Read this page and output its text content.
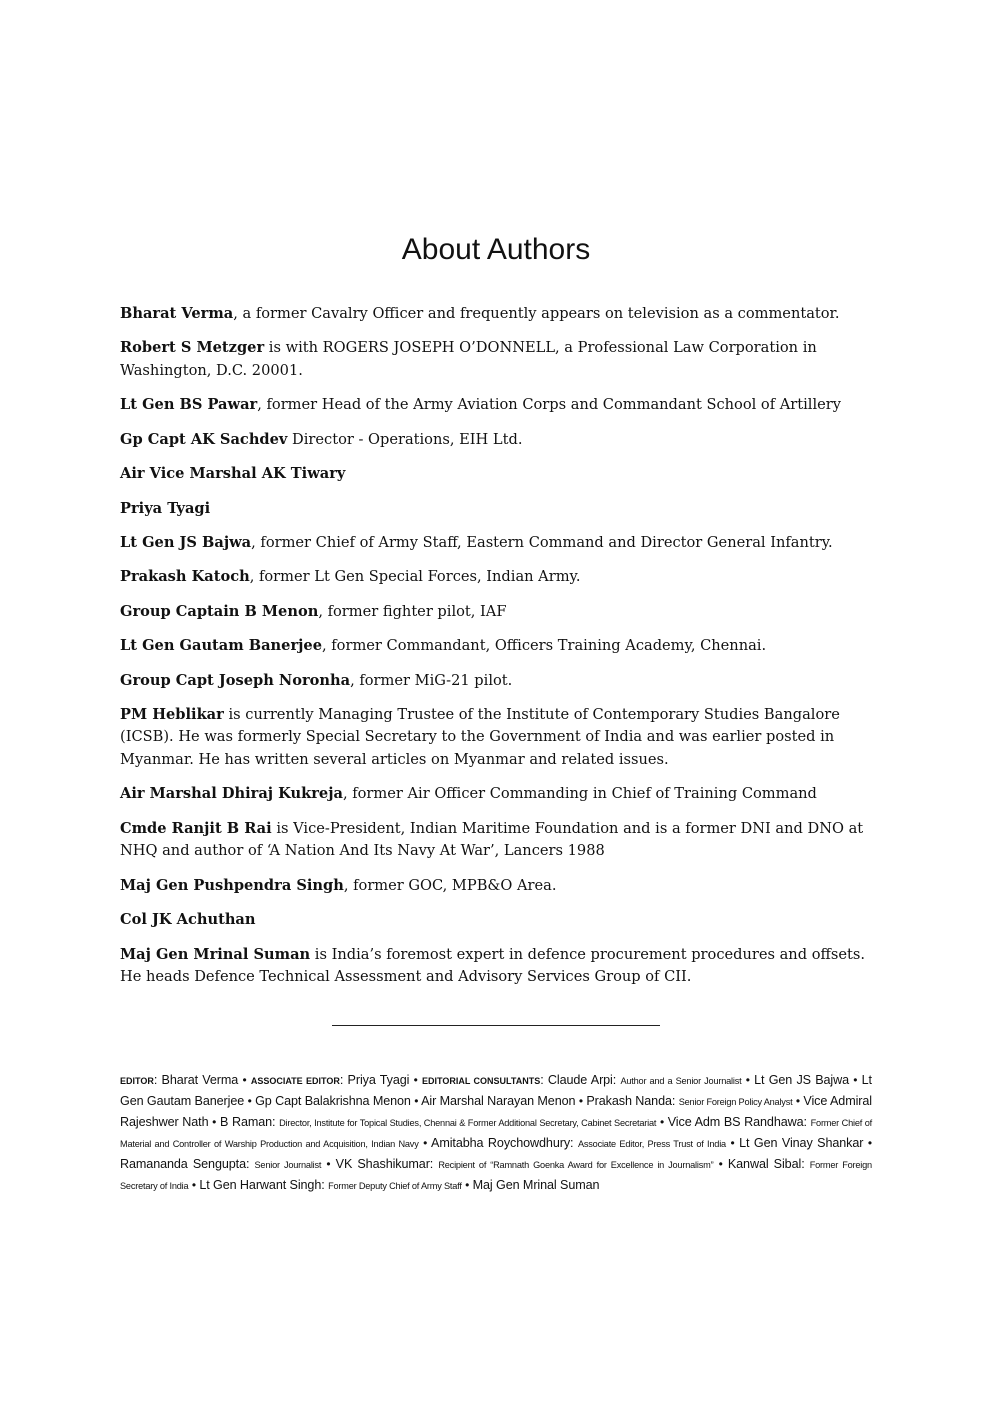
About Authors

Bharat Verma, a former Cavalry Officer and frequently appears on television as a commentator.

Robert S Metzger is with ROGERS JOSEPH O’DONNELL, a Professional Law Corporation in Washington, D.C. 20001.

Lt Gen BS Pawar, former Head of the Army Aviation Corps and Commandant School of Artillery

Gp Capt AK Sachdev Director - Operations, EIH Ltd.

Air Vice Marshal AK Tiwary

Priya Tyagi

Lt Gen JS Bajwa, former Chief of Army Staff, Eastern Command and Director General Infantry.

Prakash Katoch, former Lt Gen Special Forces, Indian Army.

Group Captain B Menon, former fighter pilot, IAF

Lt Gen Gautam Banerjee, former Commandant, Officers Training Academy, Chennai.

Group Capt Joseph Noronha, former MiG-21 pilot.

PM Heblikar is currently Managing Trustee of the Institute of Contemporary Studies Bangalore (ICSB). He was formerly Special Secretary to the Government of India and was earlier posted in Myanmar. He has written several articles on Myanmar and related issues.

Air Marshal Dhiraj Kukreja, former Air Officer Commanding in Chief of Training Command

Cmde Ranjit B Rai is Vice-President, Indian Maritime Foundation and is a former DNI and DNO at NHQ and author of ‘A Nation And Its Navy At War’, Lancers 1988

Maj Gen Pushpendra Singh, former GOC, MPB&O Area.

Col JK Achuthan

Maj Gen Mrinal Suman is India’s foremost expert in defence procurement procedures and offsets. He heads Defence Technical Assessment and Advisory Services Group of CII.

EDITOR: Bharat Verma • ASSOCIATE EDITOR: Priya Tyagi • EDITORIAL CONSULTANTS: Claude Arpi: Author and a Senior Journalist • Lt Gen JS Bajwa • Lt Gen Gautam Banerjee • Gp Capt Balakrishna Menon • Air Marshal Narayan Menon • Prakash Nanda: Senior Foreign Policy Analyst • Vice Admiral Rajeshwer Nath • B Raman: Director, Institute for Topical Studies, Chennai & Former Additional Secretary, Cabinet Secretariat • Vice Adm BS Randhawa: Former Chief of Material and Controller of Warship Production and Acquisition, Indian Navy • Amitabha Roychowdhury: Associate Editor, Press Trust of India • Lt Gen Vinay Shankar • Ramananda Sengupta: Senior Journalist • VK Shashikumar: Recipient of “Ramnath Goenka Award for Excellence in Journalism” • Kanwal Sibal: Former Foreign Secretary of India • Lt Gen Harwant Singh: Former Deputy Chief of Army Staff • Maj Gen Mrinal Suman
